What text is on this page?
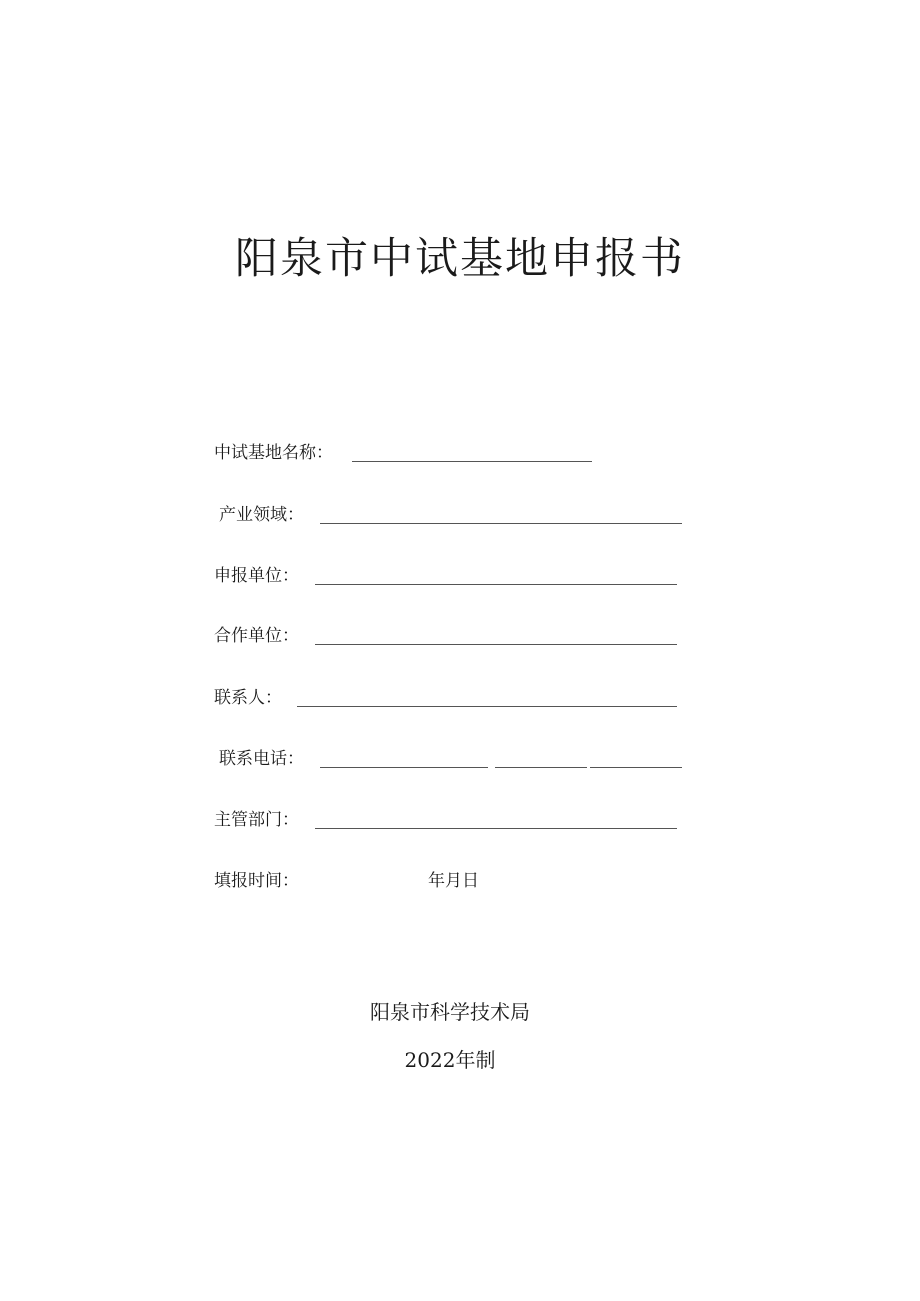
阳泉市中试基地申报书
中试基地名称：
产业领域：
申报单位：
合作单位：
联系人：
联系电话：
主管部门：
填报时间：	年月日
阳泉市科学技术局
2022年制
